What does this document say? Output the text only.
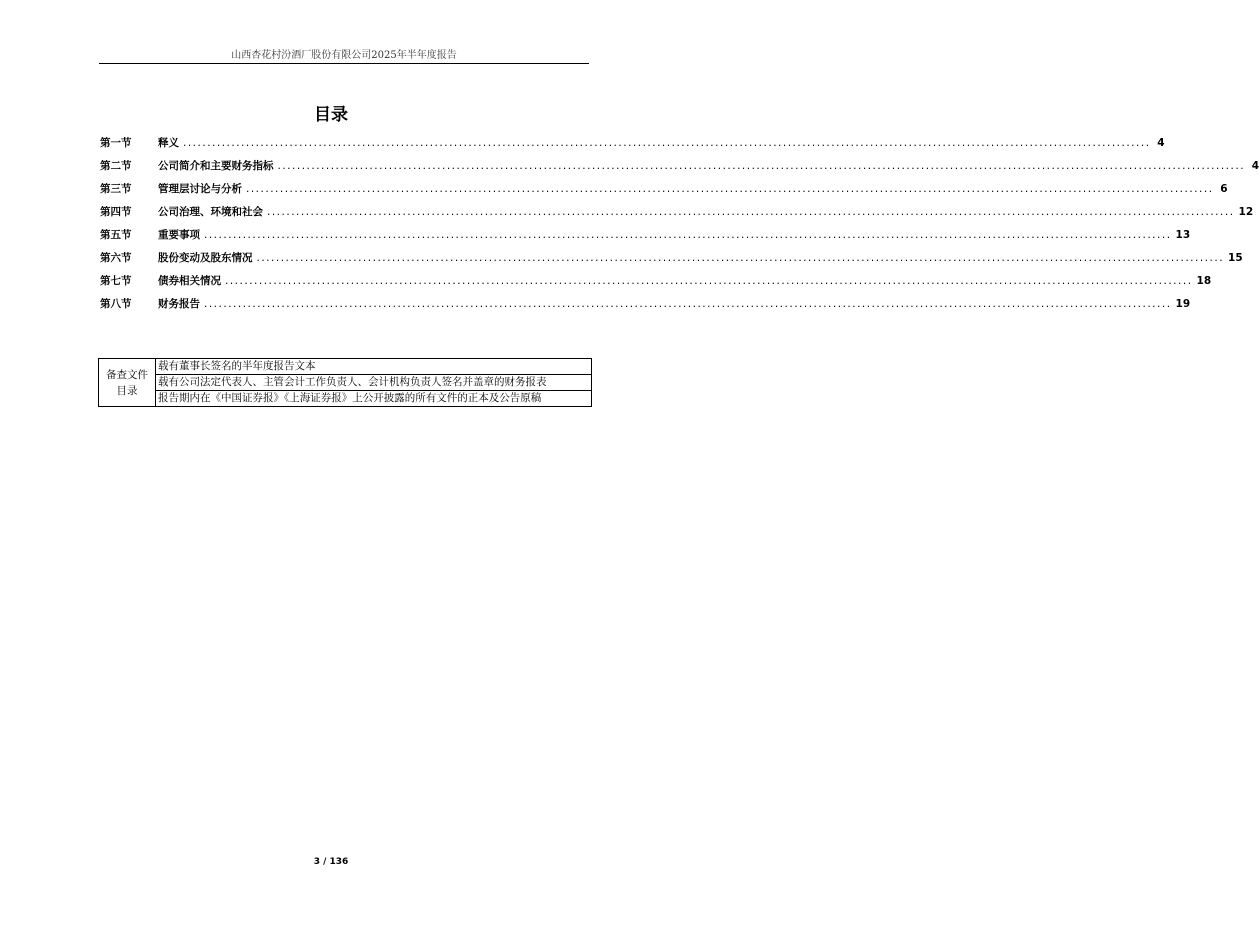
山西杏花村汾酒厂股份有限公司2025年半年度报告
目录
第一节	释义 ........................................................................................................................................................................................................ 4
第二节	公司简介和主要财务指标 ........................................................................................................................................................................................................ 4
第三节	管理层讨论与分析 ........................................................................................................................................................................................................ 6
第四节	公司治理、环境和社会 ........................................................................................................................................................................................................ 12
第五节	重要事项 ........................................................................................................................................................................................................ 13
第六节	股份变动及股东情况 ........................................................................................................................................................................................................ 15
第七节	债券相关情况 ........................................................................................................................................................................................................ 18
第八节	财务报告 ........................................................................................................................................................................................................ 19
备查文件目录	载有董事长签名的半年度报告文本
载有公司法定代表人、主管会计工作负责人、会计机构负责人签名并盖章的财务报表
报告期内在《中国证券报》《上海证券报》上公开披露的所有文件的正本及公告原稿
3 / 136
